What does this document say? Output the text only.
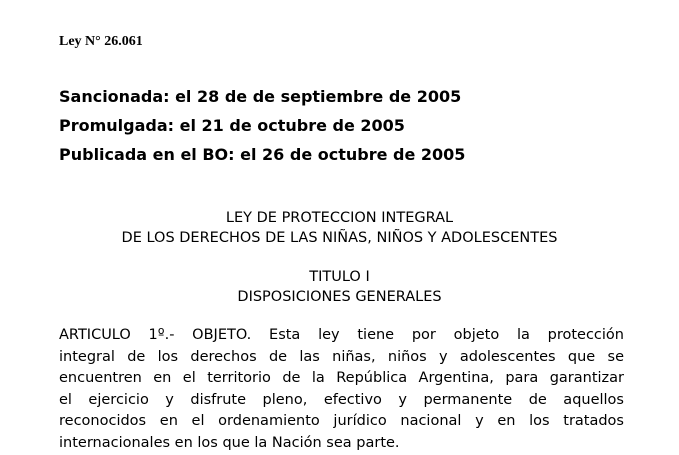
Ley N° 26.061
Sancionada: el 28 de de septiembre de 2005
Promulgada: el 21 de octubre de 2005
Publicada en el BO: el 26 de octubre de 2005
LEY DE PROTECCION INTEGRAL
DE LOS DERECHOS DE LAS NIÑAS, NIÑOS Y ADOLESCENTES
TITULO I
DISPOSICIONES GENERALES
ARTICULO 1º.- OBJETO. Esta ley tiene por objeto la protección
integral de los derechos de las niñas, niños y adolescentes que se
encuentren en el territorio de la República Argentina, para garantizar
el ejercicio y disfrute pleno, efectivo y permanente de aquellos
reconocidos en el ordenamiento jurídico nacional y en los tratados
internacionales en los que la Nación sea parte.
